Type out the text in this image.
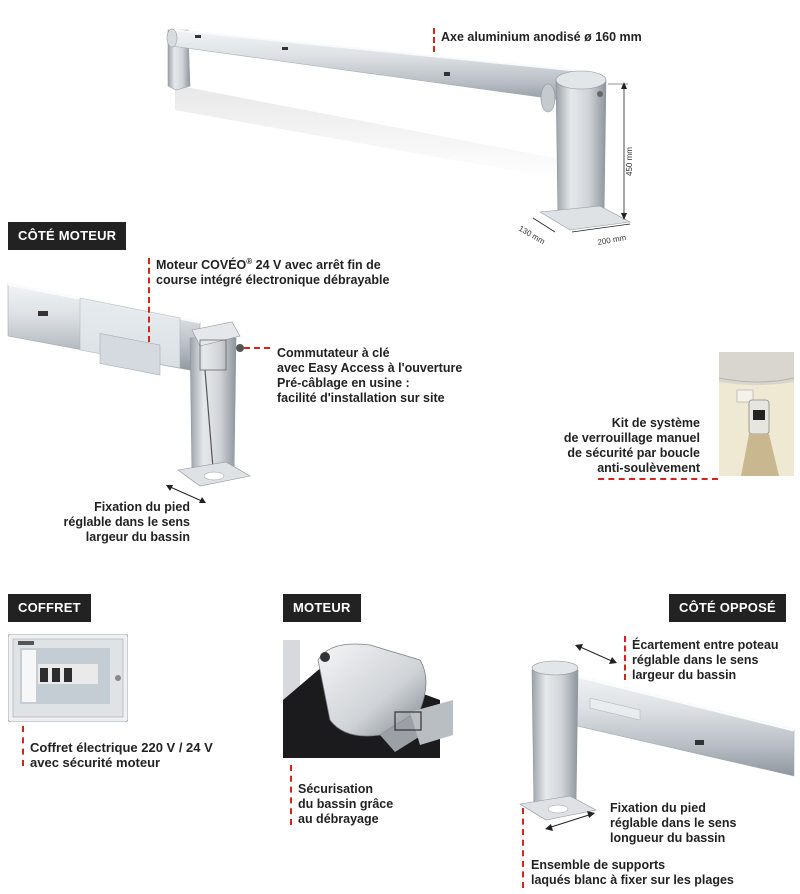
450 mm
130 mm	200 mm
Axe aluminium anodisé ø 160 mm
CÔTÉ MOTEUR
Moteur COVÉO® 24 V avec arrêt fin de
course intégré électronique débrayable
Commutateur à clé
avec Easy Access à l'ouverture
Pré-câblage en usine :
facilité d'installation sur site
Fixation du pied
réglable dans le sens
largeur du bassin
Kit de système
de verrouillage manuel
de sécurité par boucle
anti-soulèvement
COFFRET
Coffret électrique 220 V / 24 V
avec sécurité moteur
MOTEUR
Sécurisation
du bassin grâce
au débrayage
CÔTÉ OPPOSÉ
Écartement entre poteau
réglable dans le sens
largeur du bassin
Fixation du pied
réglable dans le sens
longueur du bassin
Ensemble de supports
laqués blanc à fixer sur les plages
